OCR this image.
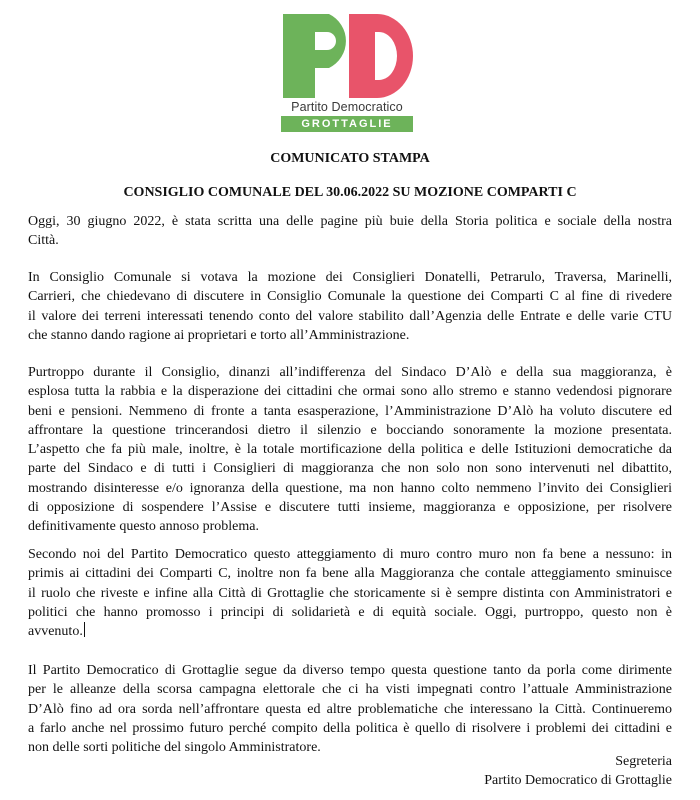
Partito Democratico
GROTTAGLIE
COMUNICATO STAMPA
CONSIGLIO COMUNALE DEL 30.06.2022 SU MOZIONE COMPARTI C
Oggi, 30 giugno 2022, è stata scritta una delle pagine più buie della Storia politica e sociale della nostra
Città.
In Consiglio Comunale si votava la mozione dei Consiglieri Donatelli, Petrarulo, Traversa, Marinelli,
Carrieri, che chiedevano di discutere in Consiglio Comunale la questione dei Comparti C al fine di rivedere
il valore dei terreni interessati tenendo conto del valore stabilito dall’Agenzia delle Entrate e delle varie CTU
che stanno dando ragione ai proprietari e torto all’Amministrazione.
Purtroppo durante il Consiglio, dinanzi all’indifferenza del Sindaco D’Alò e della sua maggioranza, è
esplosa tutta la rabbia e la disperazione dei cittadini che ormai sono allo stremo e stanno vedendosi pignorare
beni e pensioni. Nemmeno di fronte a tanta esasperazione, l’Amministrazione D’Alò ha voluto discutere ed
affrontare la questione trincerandosi dietro il silenzio e bocciando sonoramente la mozione presentata.
L’aspetto che fa più male, inoltre, è la totale mortificazione della politica e delle Istituzioni democratiche da
parte del Sindaco e di tutti i Consiglieri di maggioranza che non solo non sono intervenuti nel dibattito,
mostrando disinteresse e/o ignoranza della questione, ma non hanno colto nemmeno l’invito dei Consiglieri
di opposizione di sospendere l’Assise e discutere tutti insieme, maggioranza e opposizione, per risolvere
definitivamente questo annoso problema.
Secondo noi del Partito Democratico questo atteggiamento di muro contro muro non fa bene a nessuno: in
primis ai cittadini dei Comparti C, inoltre non fa bene alla Maggioranza che contale atteggiamento sminuisce
il ruolo che riveste e infine alla Città di Grottaglie che storicamente si è sempre distinta con Amministratori e
politici che hanno promosso i principi di solidarietà e di equità sociale. Oggi, purtroppo, questo non è
avvenuto.
Il Partito Democratico di Grottaglie segue da diverso tempo questa questione tanto da porla come dirimente
per le alleanze della scorsa campagna elettorale che ci ha visti impegnati contro l’attuale Amministrazione
D’Alò fino ad ora sorda nell’affrontare questa ed altre problematiche che interessano la Città. Continueremo
a farlo anche nel prossimo futuro perché compito della politica è quello di risolvere i problemi dei cittadini e
non delle sorti politiche del singolo Amministratore.
Segreteria
Partito Democratico di Grottaglie
